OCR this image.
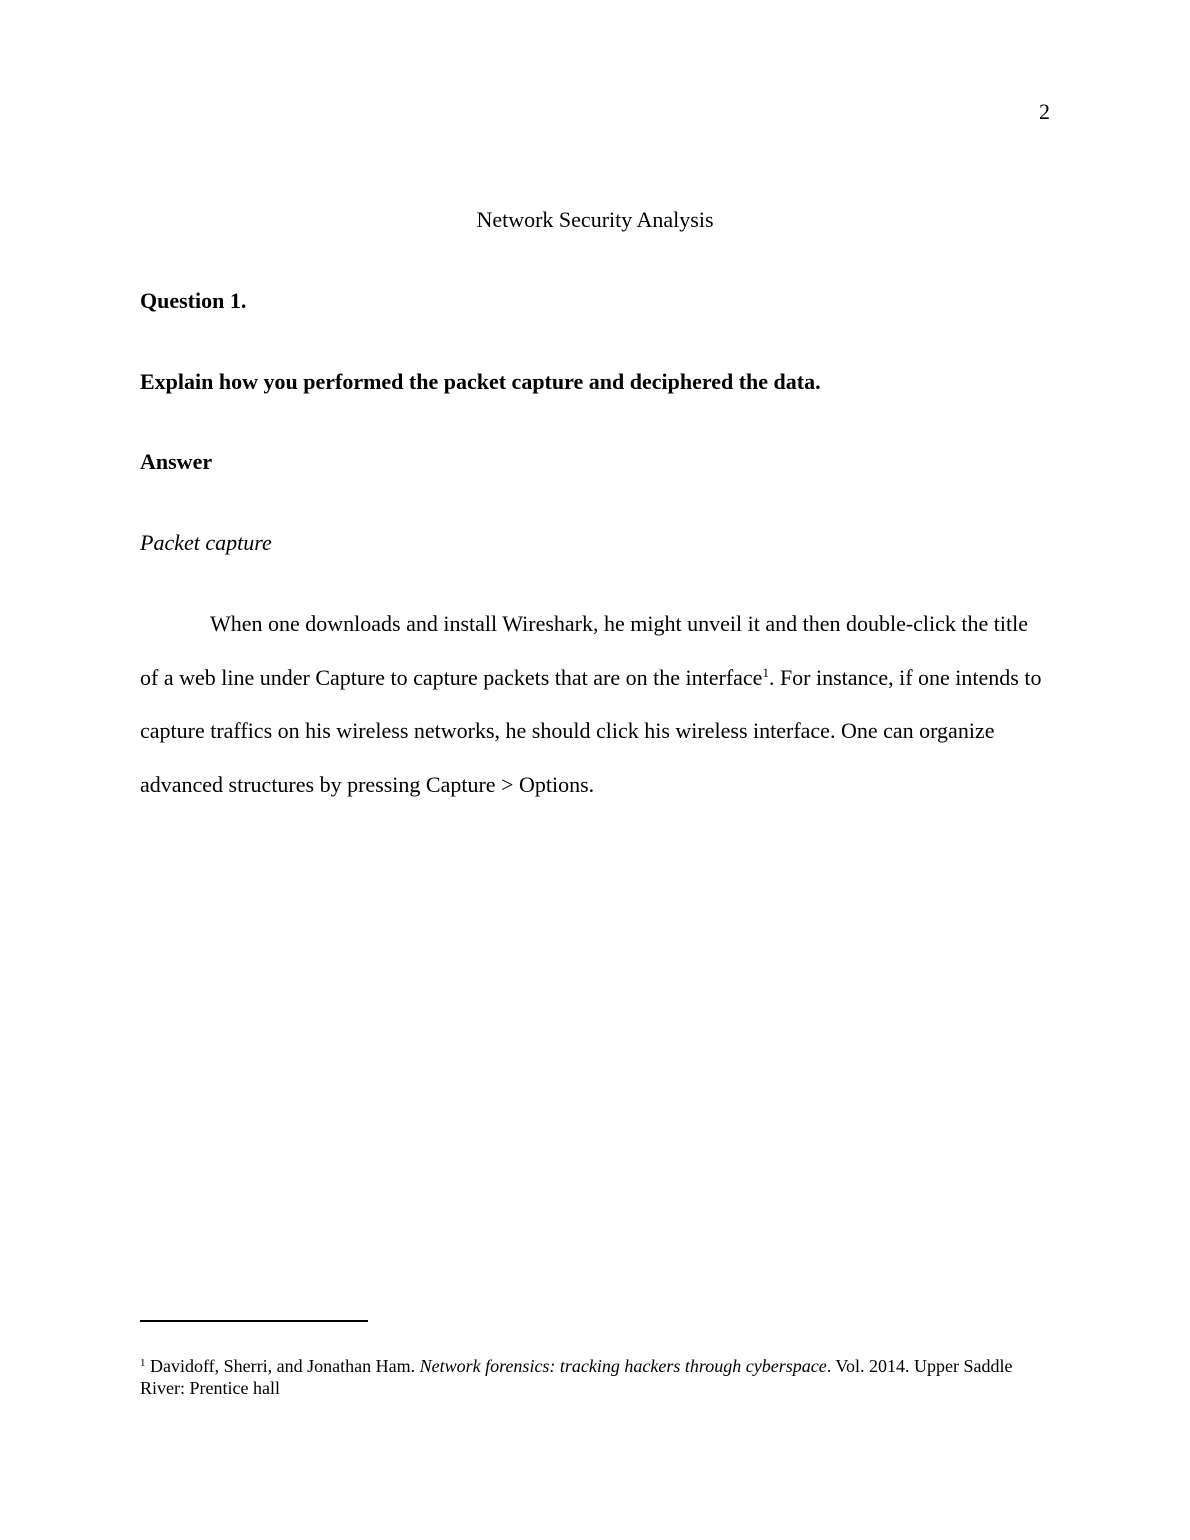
2
Network Security Analysis
Question 1.
Explain how you performed the packet capture and deciphered the data.
Answer
Packet capture
When one downloads and install Wireshark, he might unveil it and then double-click the title of a web line under Capture to capture packets that are on the interface$^1$. For instance, if one intends to capture traffics on his wireless networks, he should click his wireless interface. One can organize advanced structures by pressing Capture > Options.
$^1$ Davidoff, Sherri, and Jonathan Ham. Network forensics: tracking hackers through cyberspace. Vol. 2014. Upper Saddle River: Prentice hall
